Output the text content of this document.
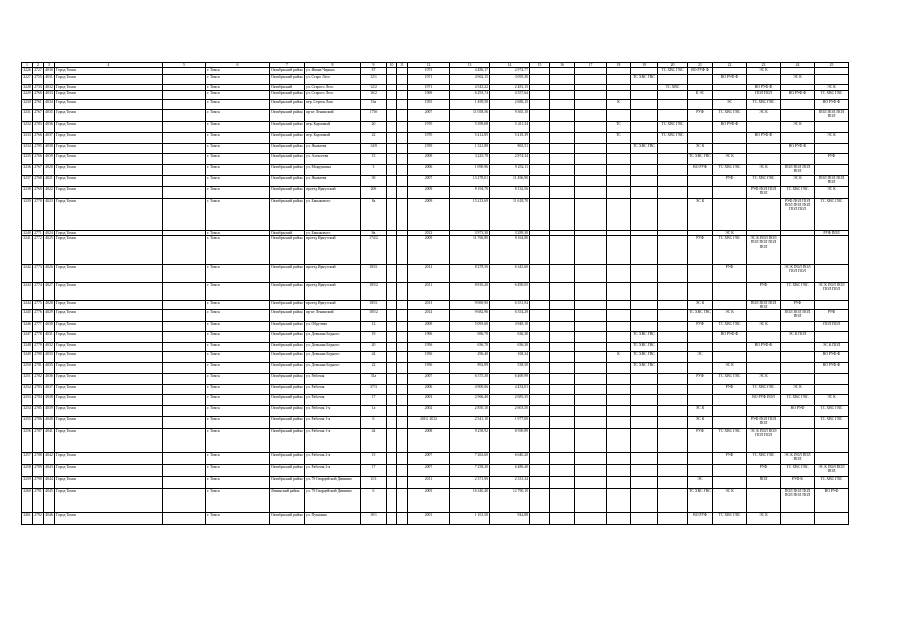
1	2	3	4	5	6	7	8	9	10	11	12	13	14	15	16	17	18	19	20	21	22	23	24	25
3226	2727	4030	Город Томск		г. Томск	Октябрьский район	ул. Ивана Черных	67			1973	4 486,17	2 974,77						ТС ХВС ГВС	ВО РУФ Ф		ЭС К		
3227	2755	4031	Город Томск		г. Томск	Октябрьский район	ул. Старо Лесо	12/1			1971	4 962,15	3 095,30					ТС ХВС ГВС			ВО РУФ Ф		ЭС К	
3228	2733	4032	Город Томск		г. Томск	Октябрьский	ул. Старого Лесо	12/2			1971	4 543,22	2 481,15						ТС ХВС			ВО РУФ Ф		ЭС К
3229	2760	4033	Город Томск		г. Томск	Октябрьский район	ул. Старого Лесо	16/2			1969	6 293,74	4 357,64							К ЭС		ПОЛ ПОЛ	ВО РУФ Ф	ТС ХВС ГВС
3230	2761	4034	Город Томск		г. Томск	Октябрьский район	пер. Сергея Лазо	16а			1955	1 499,50	2 686,15				К				ЭС	ТС ХВС ГВС		ВО РУФ Ф
3231	2767	4035	Город Томск		г. Томск	Октябрьский район	пр-кт Ленинский	175б			2007	11 058,56	9 365,10							РУФ	ТС ХВС ГВС	ЭС К		ПОЛ ПОЛ ПОЛ ПОЛ
3232	2783	4036	Город Томск		г. Томск	Октябрьский район	пер. Карповый	20			1970	5 399,68	5 411,34				ТС		ТС ХВС ГВС		ВО РУФ Ф		ЭС К	
3233	2766	4037	Город Томск		г. Томск	Октябрьский район	пер. Карповый	22			1970	5 412,85	5 418,39				ТС		ТС ХВС ГВС			ВО РУФ Ф		ЭС К
3234	2785	4038	Город Томск		г. Томск	Октябрьский район	ул. Яковлева	14/9			1959	1 321,88	865,51					ТС ХВС ГВС		ЭС К			ВО РУФ Ф	
3235	2766	4039	Город Томск		г. Томск	Октябрьский район	ул. Алексеева	15			2009	3 225,78	2 874,34							ТС ХВС ГВС	ЭС К			РУФ
3236	2767	4020	Город Томск		г. Томск	Октябрьский район	ул. Мокрушина	3			2006	1 090,96	9 252,11							ВО РУФ	ТС ХВС ГВС	ЭС К	ПОЛ ПОЛ ПОЛ ПОЛ	
3237	2768	4021	Город Томск		г. Томск	Октябрьский район	ул. Яковлева	30			2007	13 278,01	11 496,90								РУФ	ТС ХВС ГВС	ЭС К	ПОЛ ПОЛ ПОЛ ПОЛ
3238	2769	4022	Город Томск		г. Томск	Октябрьский район	проезд Иркутский	20б			2009	8 194,70	8 132,56									РУФ ПОЛ ПОЛ ПОЛ	ТС ХВС ГВС	ЭС К
3239	2770	4023	Город Томск		г. Томск	Октябрьский район	ул. Бакыкового	8а			2009	15 213,69	11 618,70							ЭС К			РУФ ПОЛ ПОЛ ПОЛ ПОЛ ПОЛ ПОЛ ПОЛ	ТС ХВС ГВС
3240	2771	4024	Город Томск		г. Томск	Октябрьский	ул. Бакыкового	8в			2012	3 973,30	3 289,30								ЭС К			РУФ ПОЛ
3241	2772	4025	Город Томск		г. Томск	Октябрьский район	проезд Иркутский	174/2			2009	11 766,80	8 164,80							РУФ	ТС ХВС ГВС	ЭС К ПОЛ ПОЛ ПОЛ ПОЛ ПОЛ ПОЛ		
3242	2773	4026	Город Томск		г. Томск	Октябрьский район	проезд Иркутский	183/1			2012	8 278,50	6 345,60								РУФ		ЭС К ПОЛ ПОЛ ПОЛ ПОЛ	
3243	2774	4027	Город Томск		г. Томск	Октябрьский район	проезд Иркутский	183/2			2011	8 816,20	6 490,05									РУФ	ТС ХВС ГВС	ЭС К ПОЛ ПОЛ ПОЛ ПОЛ
3244	2775	4028	Город Томск		г. Томск	Октябрьский район	проезд Иркутский	185/1			2013	9 069,90	6 351,94							ЭС К		ПОЛ ПОЛ ПОЛ ПОЛ	РУФ	
3245	2776	4029	Город Томск		г. Томск	Октябрьский район	пр-кт Ленинский	185/2			2014	9 682,96	6 354,29							ТС ХВС ГВС	ЭС К		ПОЛ ПОЛ ПОЛ ПОЛ	РУФ
3246	2777	4030	Город Томск		г. Томск	Октябрьский район	ул. Обручева	12			2009	5 095,60	3 948,10							РУФ	ТС ХВС ГВС	ЭС К		ПОЛ ПОЛ
3247	2778	4031	Город Томск		г. Томск	Октябрьский район	ул. Демьяна Бедного	19			1996	696,70	636,30					ТС ХВС ГВС			ВО РУФ Ф		ЭС К ПОЛ	
3248	2779	4032	Город Томск		г. Томск	Октябрьский район	ул. Демьяна Бедного	20			1956	636,70	636,30					ТС ХВС ГВС				ВО РУФ Ф		ЭС К ПОЛ
3249	2780	4033	Город Томск		г. Томск	Октябрьский район	ул. Демьяна Бедного	24			1956	296,40	168,34				К	ТС ХВС ГВС		ЭС				ВО РУФ Ф
3250	2781	4035	Город Томск		г. Томск	Октябрьский район	ул. Демьяна Бедного	22			1956	892,89	538,50					ТС ХВС ГВС			ЭС К			ВО РУФ Ф
3251	2782	4036	Город Томск		г. Томск	Октябрьский район	ул. Рабочая	31а			2007	6 375,30	6 469,99							РУФ	ТС ХВС ГВС	ЭС К		
3252	2783	4037	Город Томск		г. Томск	Октябрьский район	ул. Рабочая	37/3			2006	4 900,06	4 433,01								РУФ	ТС ХВС ГВС	ЭС К	
3253	2784	4038	Город Томск		г. Томск	Октябрьский район	ул. Рабочая	17			2003	2 966,40	2 685,35									ВО РУФ ПОЛ	ТС ХВС ГВС	ЭС К
3254	2785	4039	Город Томск		г. Томск	Октябрьский район	ул. Рабочая 1-я	1а			2002	2 850,10	2 603,50							ЭС К			ВО РУФ	ТС ХВС ГВС
3255	2786	4040	Город Томск		г. Томск	Октябрьский район	ул. Рабочая 1-я	6			2010, 2012	2 541,10	1 977,00							ЭС К		РУФ ПОЛ ПОЛ ПОЛ		ТС ХВС ГВС
3256	2787	4041	Город Томск		г. Томск	Октябрьский район	ул. Рабочая 1-я	44			2008	9 258,92	8 590,89							РУФ	ТС ХВС ГВС	ЭС К ПОЛ ПОЛ ПОЛ ПОЛ		
3257	2788	4042	Город Томск		г. Томск	Октябрьский район	ул. Рабочая 2-я	15			2007	7 263,60	6 640,20								РУФ	ТС ХВС ГВС	ЭС К ПОЛ ПОЛ ПОЛ	
3258	2789	4043	Город Томск		г. Томск	Октябрьский район	ул. Рабочая 2-я	17			2007	7 258,20	6 480,40									РУФ	ТС ХВС ГВС	ЭС К ПОЛ ПОЛ ПОЛ
3259	2790	4044	Город Томск		г. Томск	Октябрьский район	ул. 79 Гвардейской Дивизии	11/1			2011	2 371,90	2 331,34							ЭС		ПОЛ	РУФ К	ТС ХВС ГВС
3260	2791	4045	Город Томск		г. Томск	Ленинский район	ул. 79 Гвардейской Дивизии	6			2005	16 340,40	12 790,10							ТС ХВС ГВС	ЭС К		ПОЛ ПОЛ ПОЛ ПОЛ ПОЛ ПОЛ	ВО РУФ
3261	2792	4046	Город Томск		г. Томск	Октябрьский район	ул. Пушкина	10/1			2001	1 161,50	944,88							ВО РУФ	ТС ХВС ГВС	ЭС К		
